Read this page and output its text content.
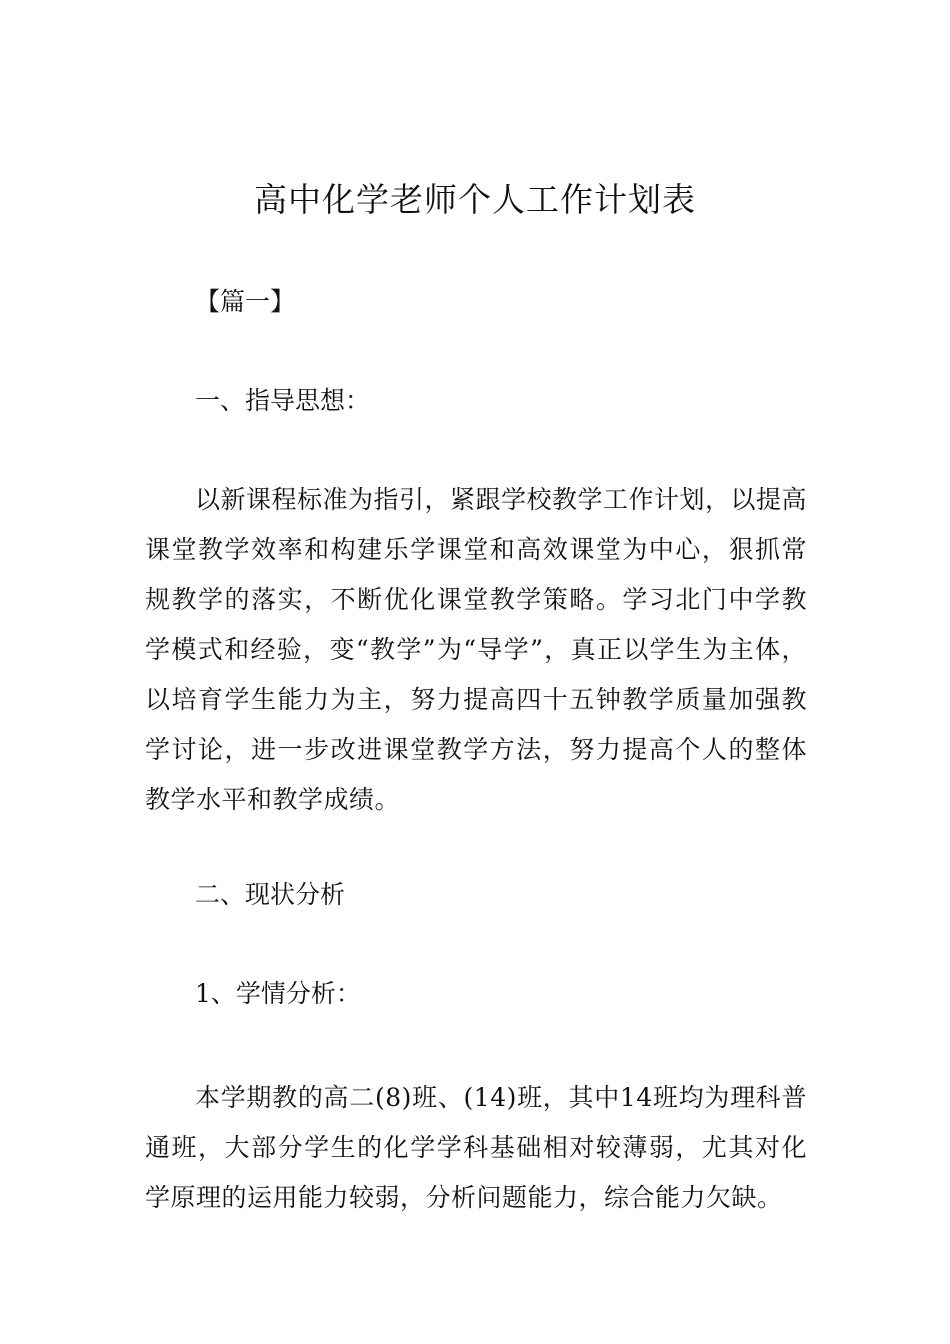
高中化学老师个人工作计划表
【篇一】
一、指导思想：
以新课程标准为指引，紧跟学校教学工作计划，以提高课堂教学效率和构建乐学课堂和高效课堂为中心，狠抓常规教学的落实，不断优化课堂教学策略。学习北门中学教学模式和经验，变“教学”为“导学”，真正以学生为主体，以培育学生能力为主，努力提高四十五钟教学质量加强教学讨论，进一步改进课堂教学方法，努力提高个人的整体教学水平和教学成绩。
二、现状分析
1、学情分析：
本学期教的高二(8)班、(14)班，其中14班均为理科普通班，大部分学生的化学学科基础相对较薄弱，尤其对化学原理的运用能力较弱，分析问题能力，综合能力欠缺。
